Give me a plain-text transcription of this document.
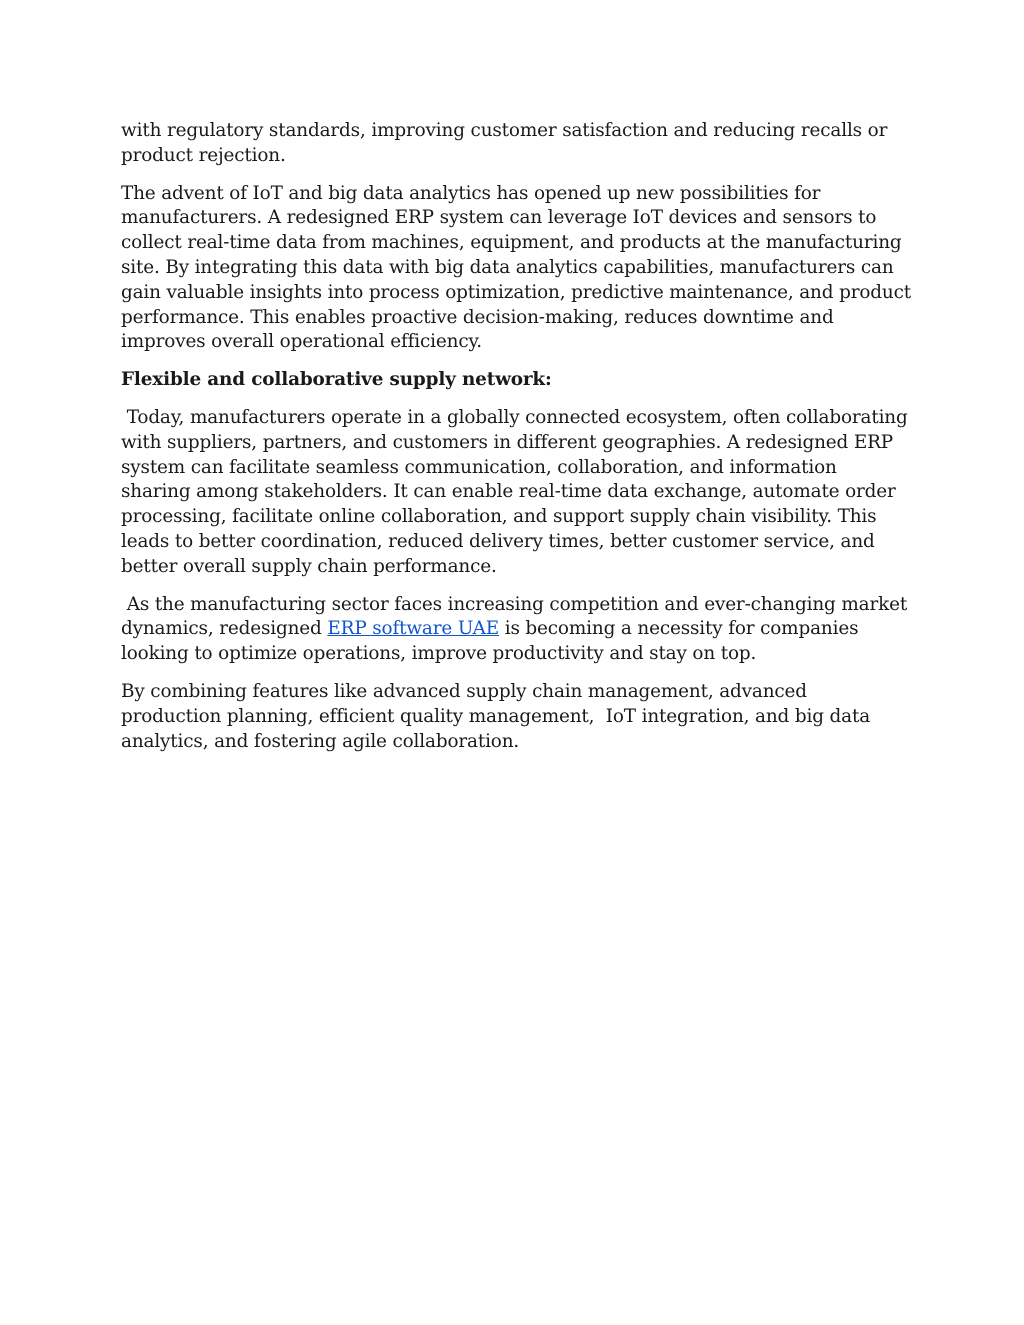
with regulatory standards, improving customer satisfaction and reducing recalls or product rejection.

The advent of IoT and big data analytics has opened up new possibilities for manufacturers. A redesigned ERP system can leverage IoT devices and sensors to collect real-time data from machines, equipment, and products at the manufacturing site. By integrating this data with big data analytics capabilities, manufacturers can gain valuable insights into process optimization, predictive maintenance, and product performance. This enables proactive decision-making, reduces downtime and improves overall operational efficiency.

Flexible and collaborative supply network:

Today, manufacturers operate in a globally connected ecosystem, often collaborating with suppliers, partners, and customers in different geographies. A redesigned ERP system can facilitate seamless communication, collaboration, and information sharing among stakeholders. It can enable real-time data exchange, automate order processing, facilitate online collaboration, and support supply chain visibility. This leads to better coordination, reduced delivery times, better customer service, and better overall supply chain performance.

As the manufacturing sector faces increasing competition and ever-changing market dynamics, redesigned ERP software UAE is becoming a necessity for companies looking to optimize operations, improve productivity and stay on top.

By combining features like advanced supply chain management, advanced production planning, efficient quality management,  IoT integration, and big data analytics, and fostering agile collaboration.
